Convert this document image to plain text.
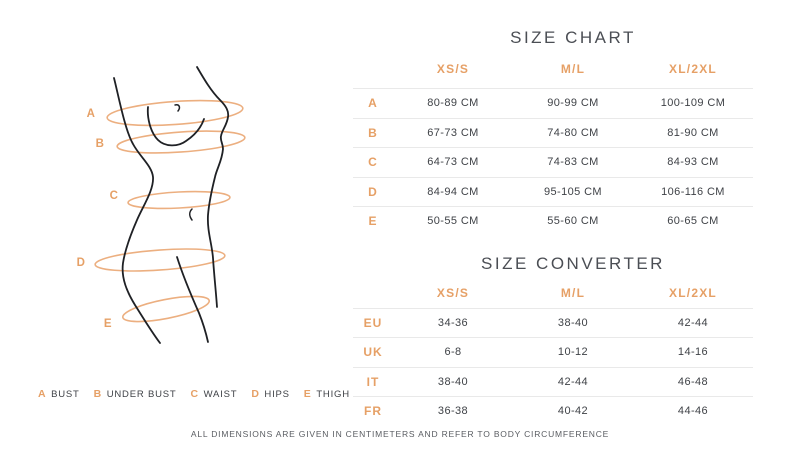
A
B
C
D
E
A BUST B UNDER BUST C WAIST D HIPS E THIGH
SIZE CHART
XS/S	M/L	XL/2XL
A	80-89 CM	90-99 CM	100-109 CM
B	67-73 CM	74-80 CM	81-90 CM
C	64-73 CM	74-83 CM	84-93 CM
D	84-94 CM	95-105 CM	106-116 CM
E	50-55 CM	55-60 CM	60-65 CM
SIZE CONVERTER
XS/S	M/L	XL/2XL
EU	34-36	38-40	42-44
UK	6-8	10-12	14-16
IT	38-40	42-44	46-48
FR	36-38	40-42	44-46
ALL DIMENSIONS ARE GIVEN IN CENTIMETERS AND REFER TO BODY CIRCUMFERENCE
